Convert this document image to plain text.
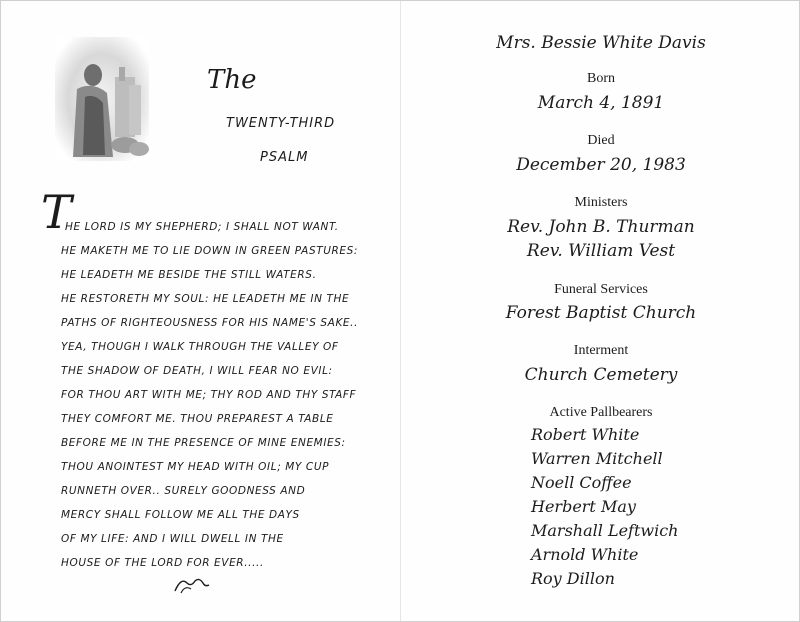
The
TWENTY-THIRD
PSALM
T
HE LORD IS MY SHEPHERD; I SHALL NOT WANT.
HE MAKETH ME TO LIE DOWN IN GREEN PASTURES:
HE LEADETH ME BESIDE THE STILL WATERS.
HE RESTORETH MY SOUL: HE LEADETH ME IN THE
PATHS OF RIGHTEOUSNESS FOR HIS NAME'S SAKE..
YEA, THOUGH I WALK THROUGH THE VALLEY OF
THE SHADOW OF DEATH, I WILL FEAR NO EVIL:
FOR THOU ART WITH ME; THY ROD AND THY STAFF
THEY COMFORT ME. THOU PREPAREST A TABLE
BEFORE ME IN THE PRESENCE OF MINE ENEMIES:
THOU ANOINTEST MY HEAD WITH OIL; MY CUP
RUNNETH OVER.. SURELY GOODNESS AND
MERCY SHALL FOLLOW ME ALL THE DAYS
OF MY LIFE: AND I WILL DWELL IN THE
HOUSE OF THE LORD FOR EVER.....
Mrs. Bessie White Davis
Born
March 4, 1891
Died
December 20, 1983
Ministers
Rev. John B. Thurman
Rev. William Vest
Funeral Services
Forest Baptist Church
Interment
Church Cemetery
Active Pallbearers
Robert White
Warren Mitchell
Noell Coffee
Herbert May
Marshall Leftwich
Arnold White
Roy Dillon
